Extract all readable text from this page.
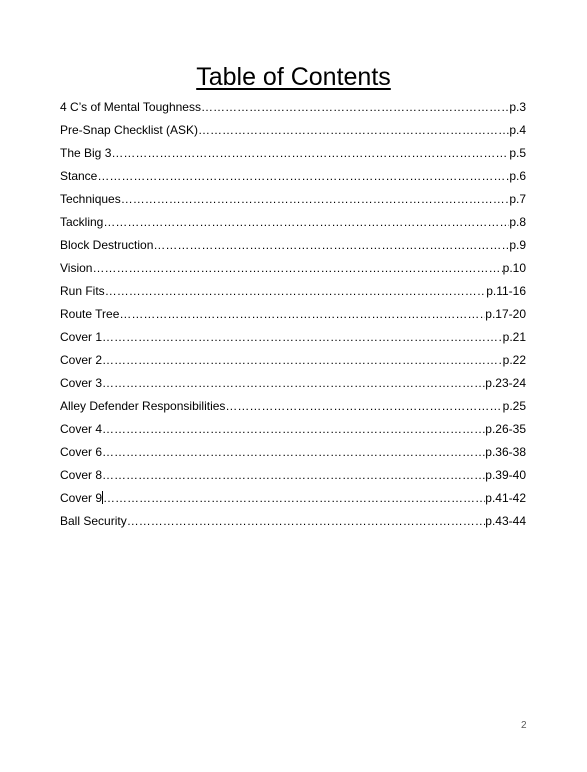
Table of Contents
4 C’s of Mental Toughness ……………………………………………………………………………………………………………………………………………………	p.3
Pre-Snap Checklist (ASK) ……………………………………………………………………………………………………………………………………………………	p.4
The Big 3 ……………………………………………………………………………………………………………………………………………………	p.5
Stance ……………………………………………………………………………………………………………………………………………………	p.6
Techniques ……………………………………………………………………………………………………………………………………………………	p.7
Tackling ……………………………………………………………………………………………………………………………………………………	p.8
Block Destruction ……………………………………………………………………………………………………………………………………………………	p.9
Vision ……………………………………………………………………………………………………………………………………………………	p.10
Run Fits ……………………………………………………………………………………………………………………………………………………	p.11-16
Route Tree ……………………………………………………………………………………………………………………………………………………	p.17-20
Cover 1 ……………………………………………………………………………………………………………………………………………………	p.21
Cover 2 ……………………………………………………………………………………………………………………………………………………	p.22
Cover 3 ……………………………………………………………………………………………………………………………………………………	p.23-24
Alley Defender Responsibilities ……………………………………………………………………………………………………………………………………………………	p.25
Cover 4 ……………………………………………………………………………………………………………………………………………………	p.26-35
Cover 6 ……………………………………………………………………………………………………………………………………………………	p.36-38
Cover 8 ……………………………………………………………………………………………………………………………………………………	p.39-40
Cover 9 ……………………………………………………………………………………………………………………………………………………	p.41-42
Ball Security ……………………………………………………………………………………………………………………………………………………	p.43-44
2
